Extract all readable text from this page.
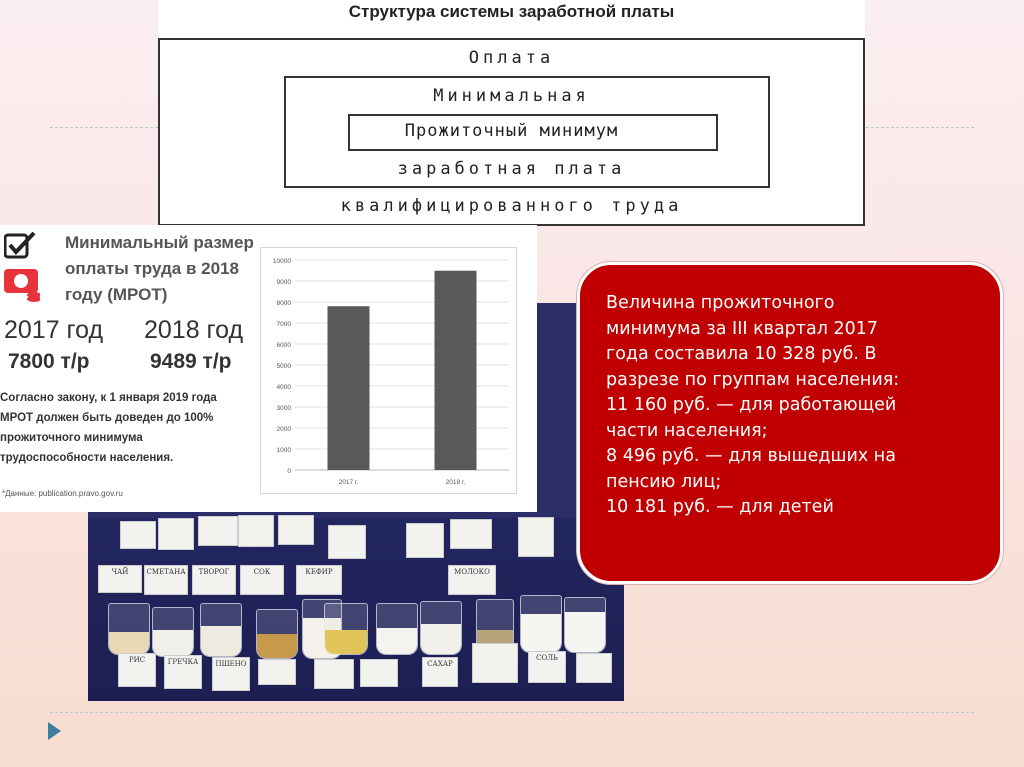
Структура системы заработной платы
Оплата
Минимальная
Прожиточный минимум
заработная плата
квалифицированного труда
ЧАЙ	СМЕТАНА	ТВОРОГ	СОК	КЕФИР	МОЛОКО
РИС	ГРЕЧКА	ПШЕНО	САХАР
СОЛЬ
Минимальный размер
оплаты труда в 2018
году (МРОТ)
2017 год 2018 год
7800 т/р	9489 т/р
Согласно закону, к 1 января 2019 года МРОТ должен быть доведен до 100% прожиточного минимума трудоспособности населения.
*Данные: publication.pravo.gov.ru
0
1000
2000
3000
4000
5000
6000
7000
8000
9000
10000
2017 г.	2018 г.
Величина прожиточного
минимума за III квартал 2017
года составила 10 328 руб. В
разрезе по группам населения:
11 160 руб. — для работающей
части населения;
8 496 руб. — для вышедших на
пенсию лиц;
10 181 руб. — для детей
